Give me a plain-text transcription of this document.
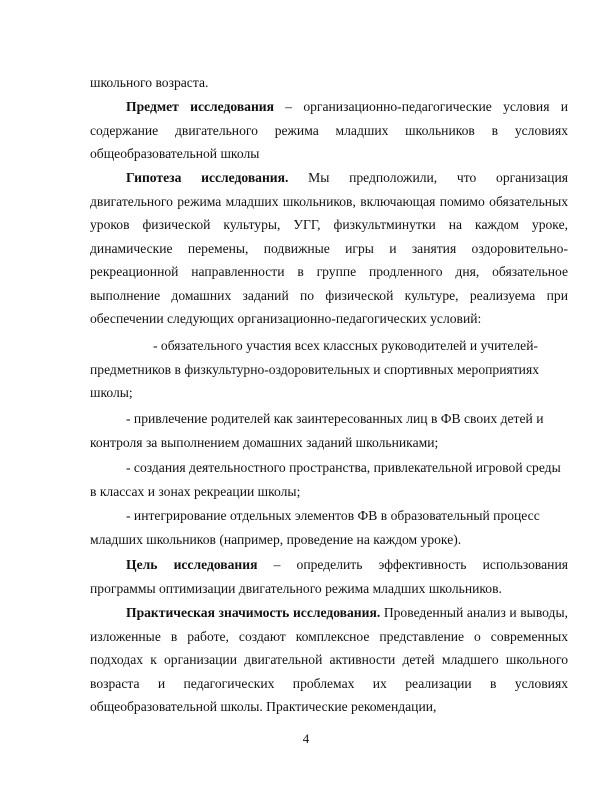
школьного возраста.

Предмет исследования – организационно-педагогические условия и содержание двигательного режима младших школьников в условиях общеобразовательной школы

Гипотеза исследования. Мы предположили, что организация двигательного режима младших школьников, включающая помимо обязательных уроков физической культуры, УГГ, физкультминутки на каждом уроке, динамические перемены, подвижные игры и занятия оздоровительно-рекреационной направленности в группе продленного дня, обязательное выполнение домашних заданий по физической культуре, реализуема при обеспечении следующих организационно-педагогических условий:

- обязательного участия всех классных руководителей и учителей-предметников в физкультурно-оздоровительных и спортивных мероприятиях школы;

- привлечение родителей как заинтересованных лиц в ФВ своих детей и контроля за выполнением домашних заданий школьниками;

- создания деятельностного пространства, привлекательной игровой среды в классах и зонах рекреации школы;

- интегрирование отдельных элементов ФВ в образовательный процесс младших школьников (например, проведение на каждом уроке).

Цель исследования – определить эффективность использования программы оптимизации двигательного режима младших школьников.

Практическая значимость исследования. Проведенный анализ и выводы, изложенные в работе, создают комплексное представление о современных подходах к организации двигательной активности детей младшего школьного возраста и педагогических проблемах их реализации в условиях общеобразовательной школы. Практические рекомендации,

4
